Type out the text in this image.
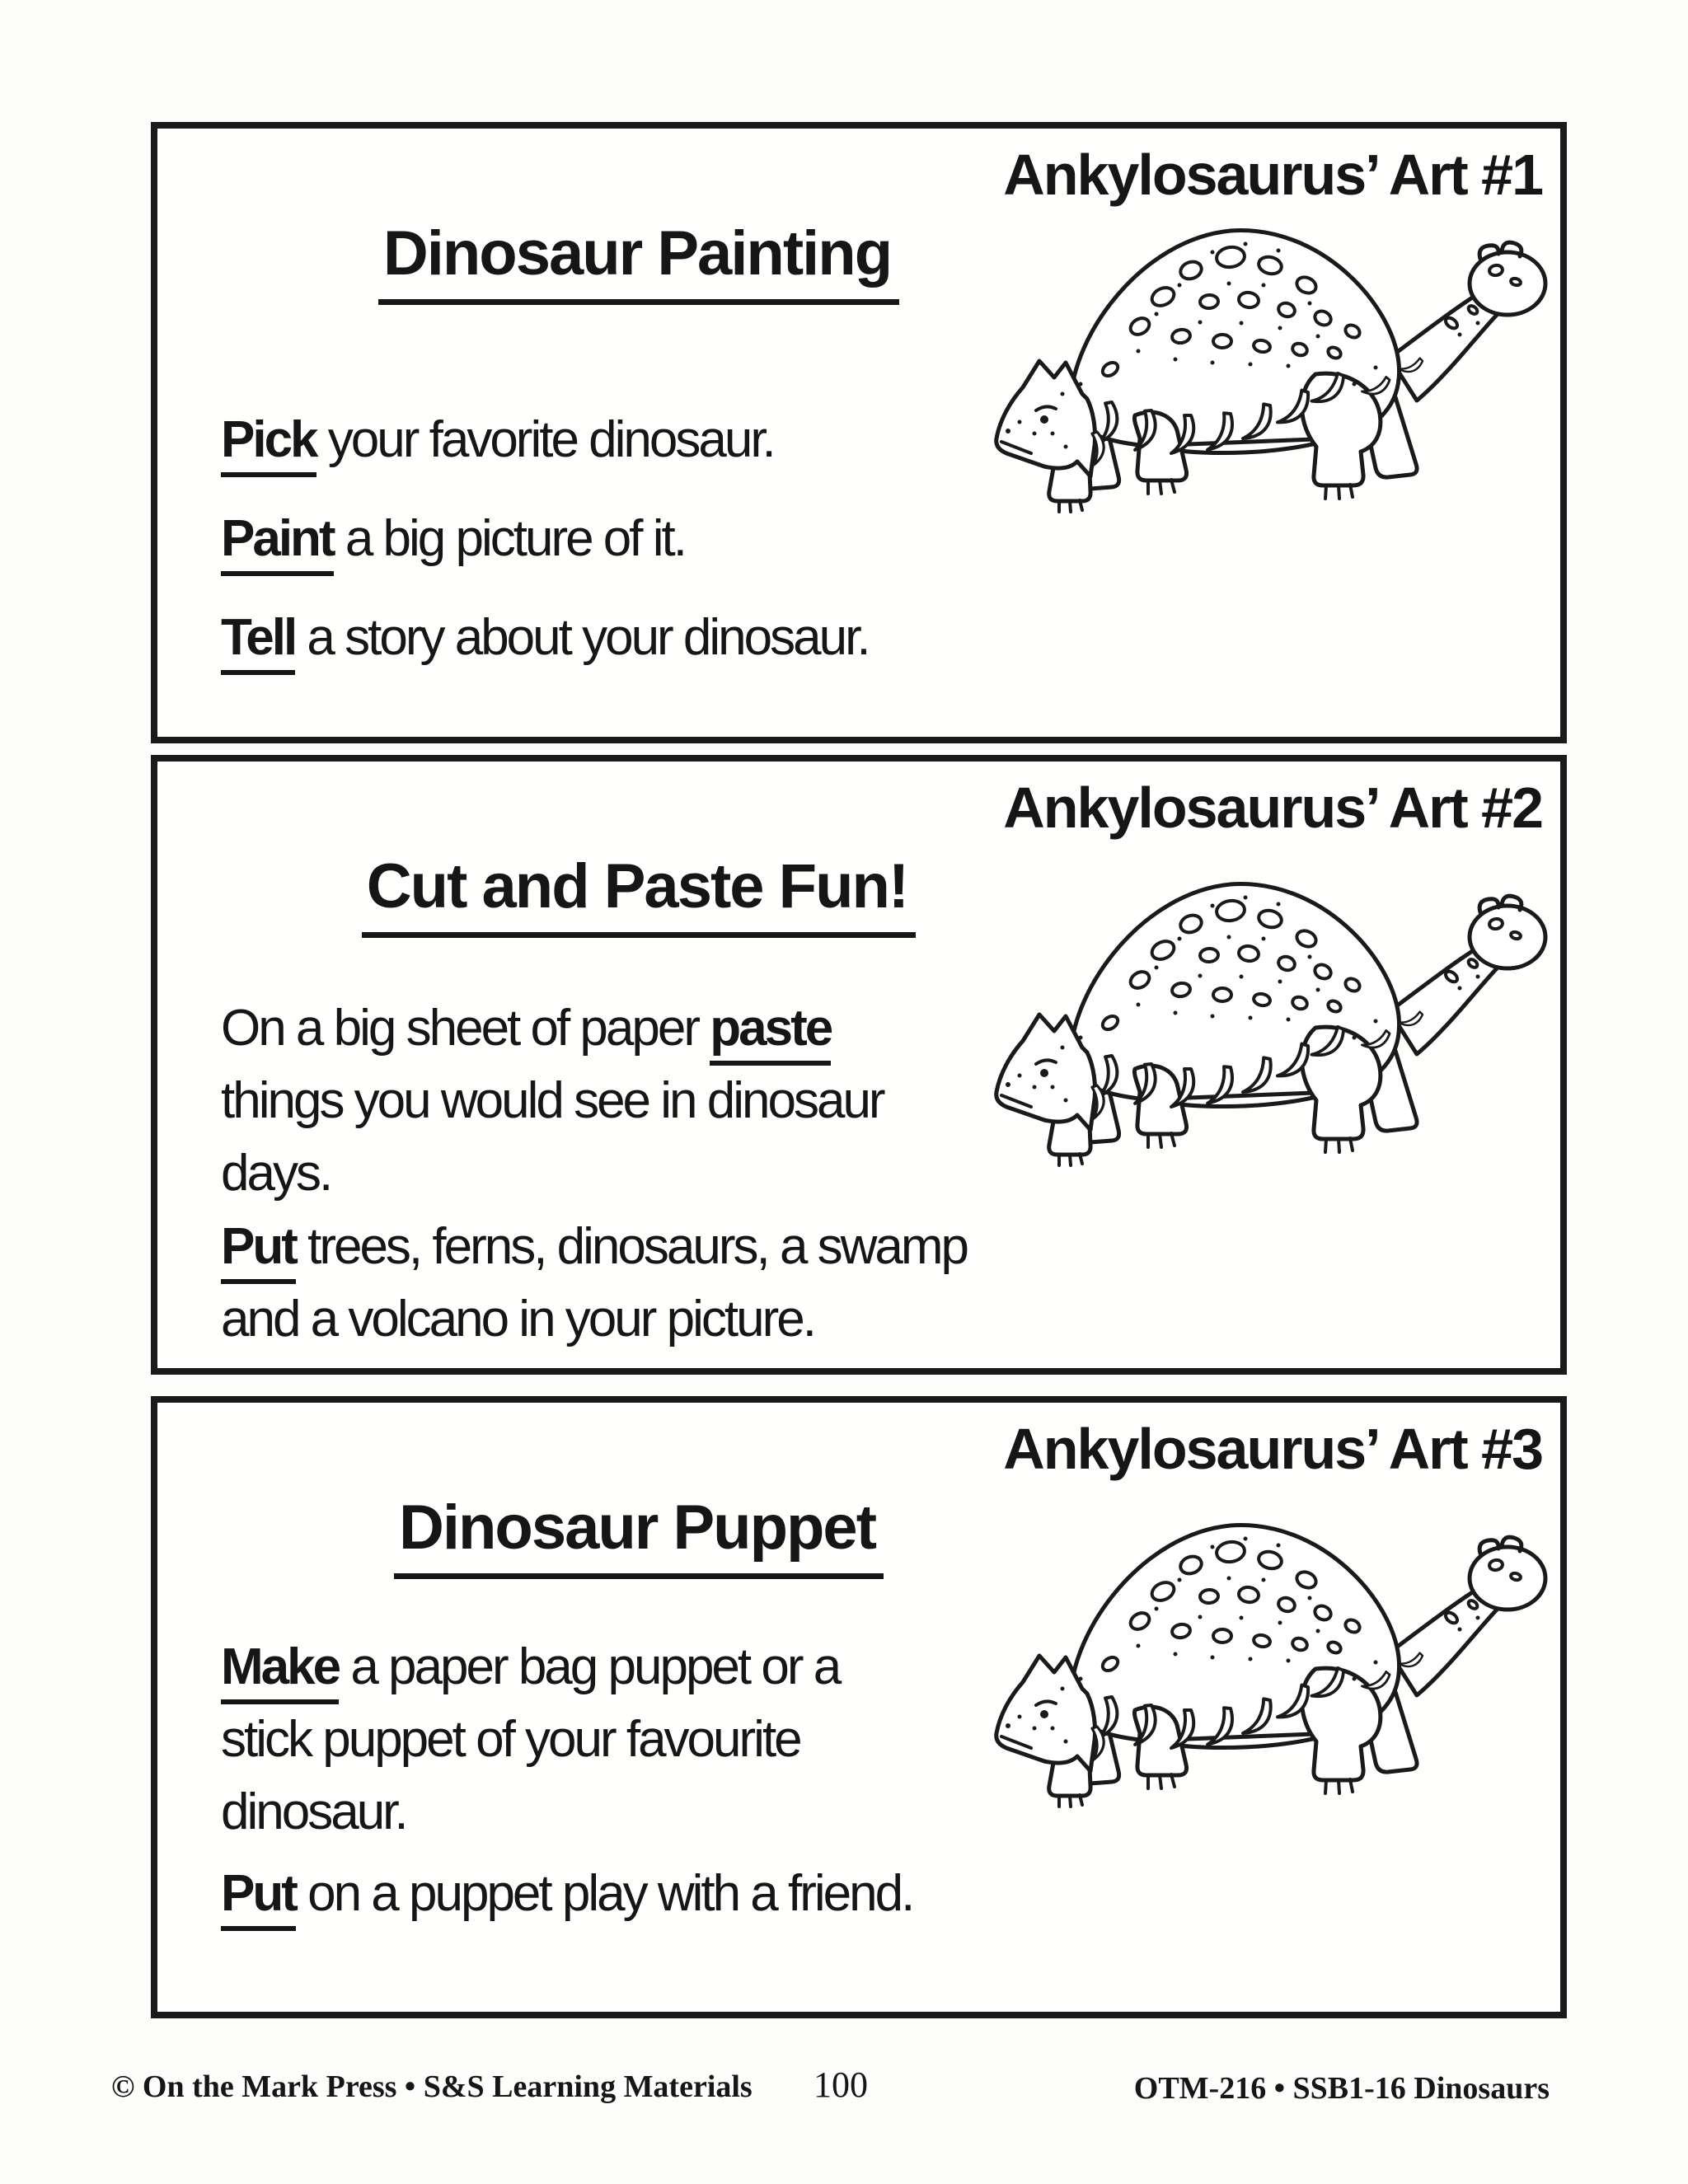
Ankylosaurus’ Art #1
Dinosaur Painting

Pick your favorite dinosaur.

Paint a big picture of it.

Tell a story about your dinosaur.

Ankylosaurus’ Art #2
Cut and Paste Fun!
On a big sheet of paper paste
things you would see in dinosaur
days.
Put trees, ferns, dinosaurs, a swamp
and a volcano in your picture.
Ankylosaurus’ Art #3
Dinosaur Puppet
Make a paper bag puppet or a
stick puppet of your favourite
dinosaur.
Put on a puppet play with a friend.
© On the Mark Press • S&S Learning Materials	100	OTM-216 • SSB1-16 Dinosaurs
